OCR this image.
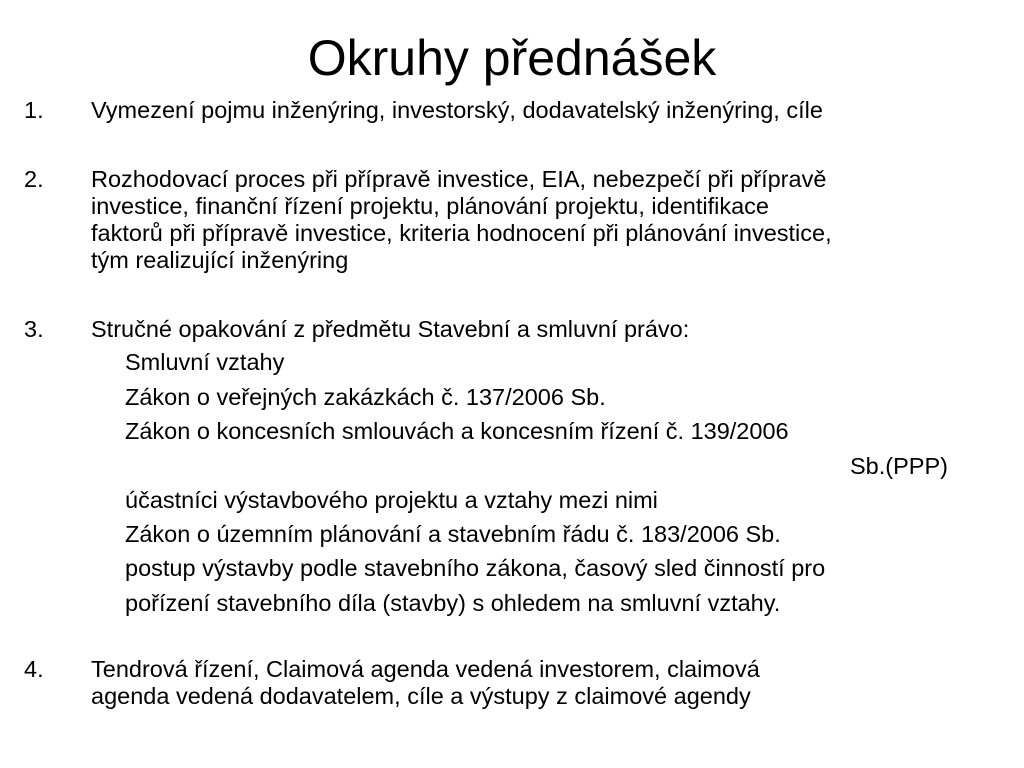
Okruhy přednášek
1. Vymezení pojmu inženýring, investorský, dodavatelský inženýring, cíle
2. Rozhodovací proces při přípravě investice, EIA, nebezpečí při přípravě
investice, finanční řízení projektu, plánování projektu, identifikace
faktorů při přípravě investice, kriteria hodnocení při plánování investice,
tým realizující inženýring
3. Stručné opakování z předmětu Stavební a smluvní právo:
Smluvní vztahy
Zákon o veřejných zakázkách č. 137/2006 Sb.
Zákon o koncesních smlouvách a koncesním řízení č. 139/2006
Sb.(PPP)
účastníci výstavbového projektu a vztahy mezi nimi
Zákon o územním plánování a stavebním řádu č. 183/2006 Sb.
postup výstavby podle stavebního zákona, časový sled činností pro
pořízení stavebního díla (stavby) s ohledem na smluvní vztahy.
4. Tendrová řízení, Claimová agenda vedená investorem, claimová
agenda vedená dodavatelem, cíle a výstupy z claimové agendy
